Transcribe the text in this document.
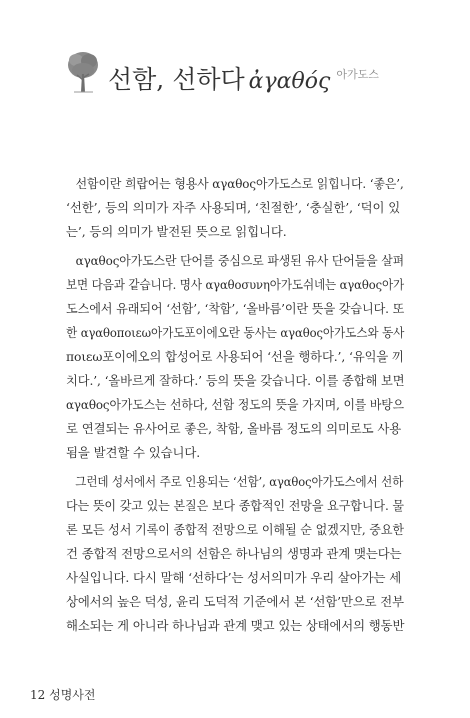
선함, 선하다 ἀγαθός $^{아가도스}$

선함이란 희랍어는 형용사 αγαθος아가도스로 읽힙니다. ‘좋은’,
‘선한’, 등의 의미가 자주 사용되며, ‘친절한’, ‘충실한’, ‘덕이 있
는’, 등의 의미가 발전된 뜻으로 읽힙니다.

αγαθος아가도스란 단어를 중심으로 파생된 유사 단어들을 살펴
보면 다음과 같습니다. 명사 αγαθοσυνη아가도쉬네는 αγαθος아가
도스에서 유래되어 ‘선함’, ‘착함’, ‘올바름’이란 뜻을 갖습니다. 또
한 αγαθοποιεω아가도포이에오란 동사는 αγαθος아가도스와 동사
ποιεω포이에오의 합성어로 사용되어 ‘선을 행하다.’, ‘유익을 끼
치다.’, ‘올바르게 잘하다.’ 등의 뜻을 갖습니다. 이를 종합해 보면
αγαθος아가도스는 선하다, 선함 정도의 뜻을 가지며, 이를 바탕으
로 연결되는 유사어로 좋은, 착함, 올바름 정도의 의미로도 사용
됨을 발견할 수 있습니다.

그런데 성서에서 주로 인용되는 ‘선함’, αγαθος아가도스에서 선하
다는 뜻이 갖고 있는 본질은 보다 종합적인 전망을 요구합니다. 물
론 모든 성서 기록이 종합적 전망으로 이해될 순 없겠지만, 중요한
건 종합적 전망으로서의 선함은 하나님의 생명과 관계 맺는다는
사실입니다. 다시 말해 ‘선하다’는 성서의미가 우리 살아가는 세
상에서의 높은 덕성, 윤리 도덕적 기준에서 본 ‘선함’만으로 전부
해소되는 게 아니라 하나님과 관계 맺고 있는 상태에서의 행동반

12 성명사전
